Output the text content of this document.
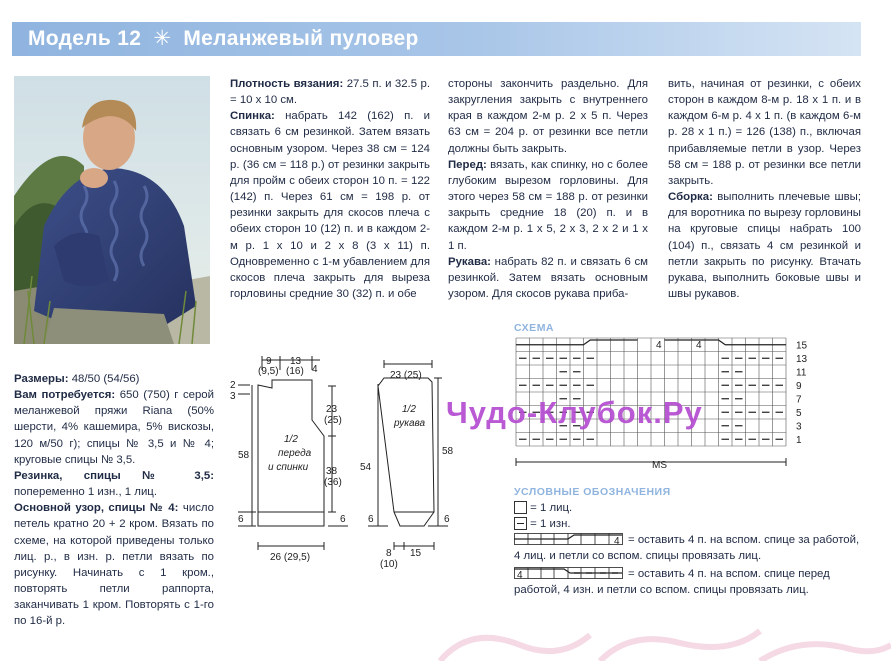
Модель 12 ✳ Меланжевый пуловер

Размеры: 48/50 (54/56)

Вам потребуется: 650 (750) г серой меланжевой пряжи Riana (50% шерсти, 4% кашемира, 5% вискозы, 120 м/50 г); спицы № 3,5 и № 4; круговые спицы № 3,5.

Резинка, спицы № 3,5: попеременно 1 изн., 1 лиц.

Основной узор, спицы № 4: число петель кратно 20 + 2 кром. Вязать по схеме, на которой приведены только лиц. р., в изн. р. петли вязать по рисунку. Начинать с 1 кром., повторять петли раппорта, заканчивать 1 кром. Повторять с 1-го по 16-й р.

Плотность вязания: 27.5 п. и 32.5 р. = 10 х 10 см.

Спинка: набрать 142 (162) п. и связать 6 см резинкой. Затем вязать основным узором. Через 38 см = 124 р. (36 см = 118 р.) от резинки закрыть для пройм с обеих сторон 10 п. = 122 (142) п. Через 61 см = 198 р. от резинки закрыть для скосов плеча с обеих сторон 10 (12) п. и в каждом 2-м р. 1 х 10 и 2 х 8 (3 х 11) п. Одновременно с 1-м убавлением для скосов плеча закрыть для выреза горловины средние 30 (32) п. и обе

стороны закончить раздельно. Для закругления закрыть с внутреннего края в каждом 2-м р. 2 х 5 п. Через 63 см = 204 р. от резинки все петли должны быть закрыть.

Перед: вязать, как спинку, но с более глубоким вырезом горловины. Для этого через 58 см = 188 р. от резинки закрыть средние 18 (20) п. и в каждом 2-м р. 1 х 5, 2 х 3, 2 х 2 и 1 х 1 п.

Рукава: набрать 82 п. и связать 6 см резинкой. Затем вязать основным узором. Для скосов рукава приба-

вить, начиная от резинки, с обеих сторон в каждом 8-м р. 18 х 1 п. и в каждом 6-м р. 4 х 1 п. (в каждом 6-м р. 28 х 1 п.) = 126 (138) п., включая прибавляемые петли в узор. Через 58 см = 188 р. от резинки все петли закрыть.

Сборка: выполнить плечевые швы; для воротника по вырезу горловины на круговые спицы набрать 100 (104) п., связать 4 см резинкой и петли закрыть по рисунку. Втачать рукава, выполнить боковые швы и швы рукавов.

9
(9,5)
13
(16) 4
2
3
58
23
(25)
38
(36)
6	6
26 (29,5)
1/2
переда
и спинки
23 (25)
54
58
6	6
8
(10)
15
1/2
рукава
СХЕМА
15
13
11
9
7
5
3
1
4	4
MS
УСЛОВНЫЕ ОБОЗНАЧЕНИЯ
= 1 лиц.
= 1 изн.
4 = оставить 4 п. на вспом. спице за работой, 4 лиц. и петли со вспом. спицы провязать лиц.
4	= оставить 4 п. на вспом. спице перед работой, 4 изн. и петли со вспом. спицы провязать лиц.
Чудо-Клубок.Ру
